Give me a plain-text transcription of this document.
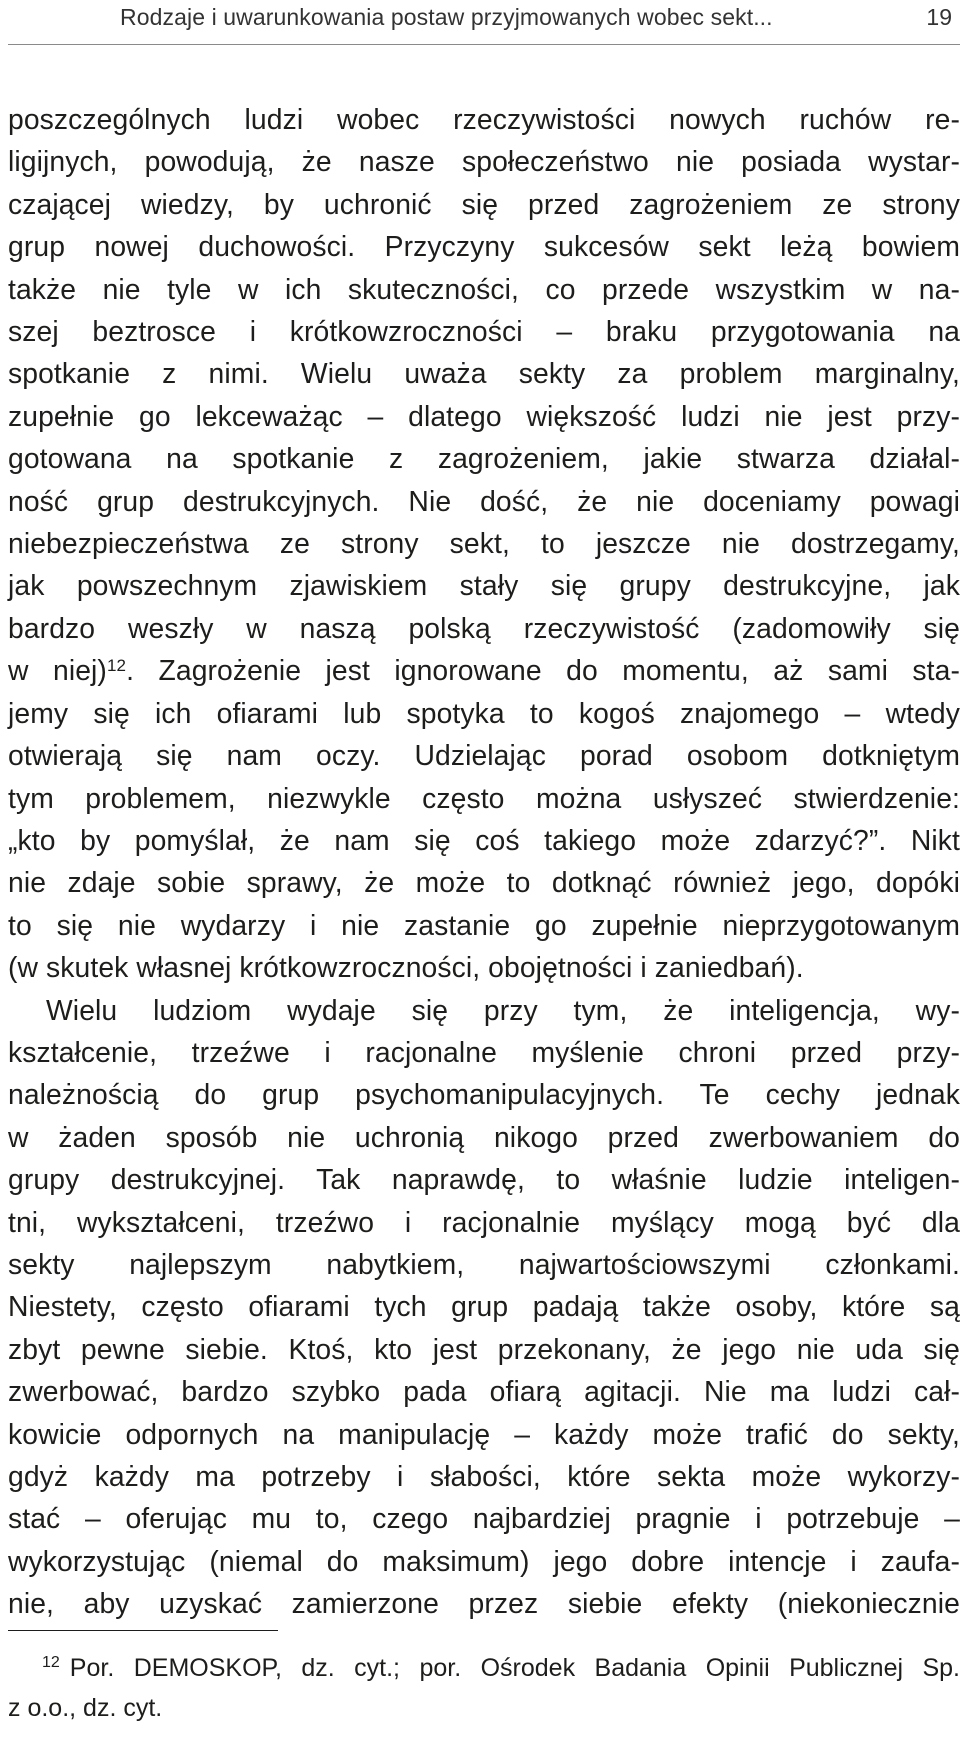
Rodzaje i uwarunkowania postaw przyjmowanych wobec sekt...	19
poszczególnych ludzi wobec rzeczywistości nowych ruchów re-
ligijnych, powodują, że nasze społeczeństwo nie posiada wystar-
czającej wiedzy, by uchronić się przed zagrożeniem ze strony
grup nowej duchowości. Przyczyny sukcesów sekt leżą bowiem
także nie tyle w ich skuteczności, co przede wszystkim w na-
szej beztrosce i krótkowzroczności – braku przygotowania na
spotkanie z nimi. Wielu uważa sekty za problem marginalny,
zupełnie go lekceważąc – dlatego większość ludzi nie jest przy-
gotowana na spotkanie z zagrożeniem, jakie stwarza działal-
ność grup destrukcyjnych. Nie dość, że nie doceniamy powagi
niebezpieczeństwa ze strony sekt, to jeszcze nie dostrzegamy,
jak powszechnym zjawiskiem stały się grupy destrukcyjne, jak
bardzo weszły w naszą polską rzeczywistość (zadomowiły się
w niej)$^{12}$. Zagrożenie jest ignorowane do momentu, aż sami sta-
jemy się ich ofiarami lub spotyka to kogoś znajomego – wtedy
otwierają się nam oczy. Udzielając porad osobom dotkniętym
tym problemem, niezwykle często można usłyszeć stwierdzenie:
„kto by pomyślał, że nam się coś takiego może zdarzyć?”. Nikt
nie zdaje sobie sprawy, że może to dotknąć również jego, dopóki
to się nie wydarzy i nie zastanie go zupełnie nieprzygotowanym
(w skutek własnej krótkowzroczności, obojętności i zaniedbań).
Wielu ludziom wydaje się przy tym, że inteligencja, wy-
kształcenie, trzeźwe i racjonalne myślenie chroni przed przy-
należnością do grup psychomanipulacyjnych. Te cechy jednak
w żaden sposób nie uchronią nikogo przed zwerbowaniem do
grupy destrukcyjnej. Tak naprawdę, to właśnie ludzie inteligen-
tni, wykształceni, trzeźwo i racjonalnie myślący mogą być dla
sekty najlepszym nabytkiem, najwartościowszymi członkami.
Niestety, często ofiarami tych grup padają także osoby, które są
zbyt pewne siebie. Ktoś, kto jest przekonany, że jego nie uda się
zwerbować, bardzo szybko pada ofiarą agitacji. Nie ma ludzi cał-
kowicie odpornych na manipulację – każdy może trafić do sekty,
gdyż każdy ma potrzeby i słabości, które sekta może wykorzy-
stać – oferując mu to, czego najbardziej pragnie i potrzebuje –
wykorzystując (niemal do maksimum) jego dobre intencje i zaufa-
nie, aby uzyskać zamierzone przez siebie efekty (niekoniecznie
$^{12}$ Por. DEMOSKOP, dz. cyt.; por. Ośrodek Badania Opinii Publicznej Sp.
z o.o., dz. cyt.
